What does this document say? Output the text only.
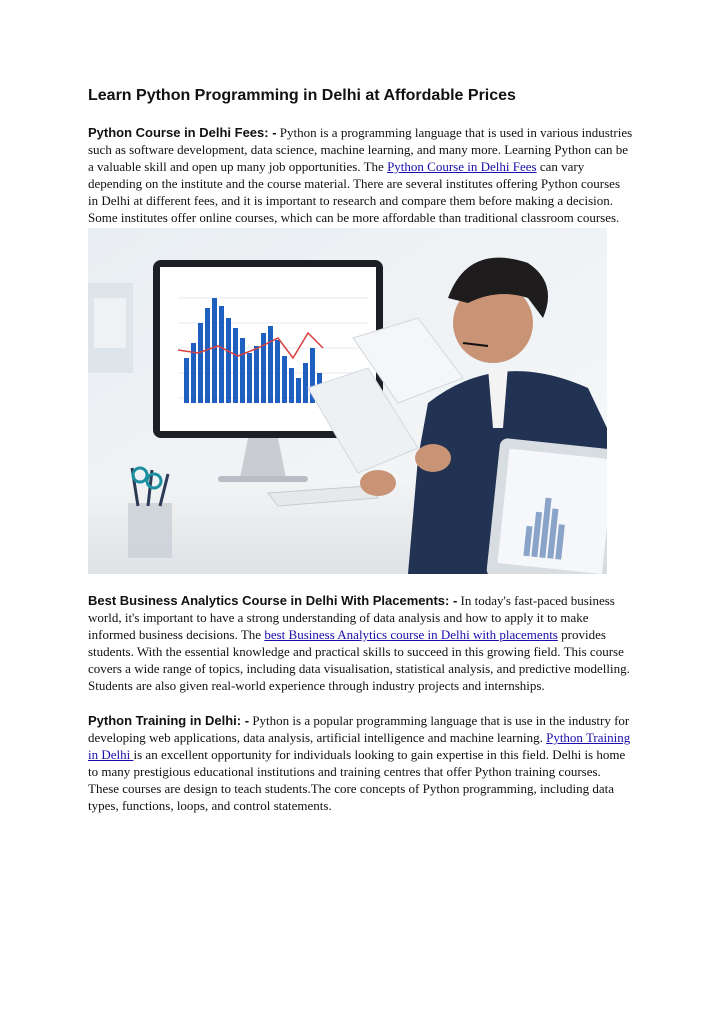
Learn Python Programming in Delhi at Affordable Prices

Python Course in Delhi Fees: - Python is a programming language that is used in various industries such as software development, data science, machine learning, and many more. Learning Python can be a valuable skill and open up many job opportunities. The Python Course in Delhi Fees can vary depending on the institute and the course material. There are several institutes offering Python courses in Delhi at different fees, and it is important to research and compare them before making a decision. Some institutes offer online courses, which can be more affordable than traditional classroom courses.

Best Business Analytics Course in Delhi With Placements: - In today's fast-paced business world, it's important to have a strong understanding of data analysis and how to apply it to make informed business decisions. The best Business Analytics course in Delhi with placements provides students. With the essential knowledge and practical skills to succeed in this growing field. This course covers a wide range of topics, including data visualisation, statistical analysis, and predictive modelling. Students are also given real-world experience through industry projects and internships.

Python Training in Delhi: - Python is a popular programming language that is use in the industry for developing web applications, data analysis, artificial intelligence and machine learning. Python Training in Delhi is an excellent opportunity for individuals looking to gain expertise in this field. Delhi is home to many prestigious educational institutions and training centres that offer Python training courses. These courses are design to teach students.The core concepts of Python programming, including data types, functions, loops, and control statements.
